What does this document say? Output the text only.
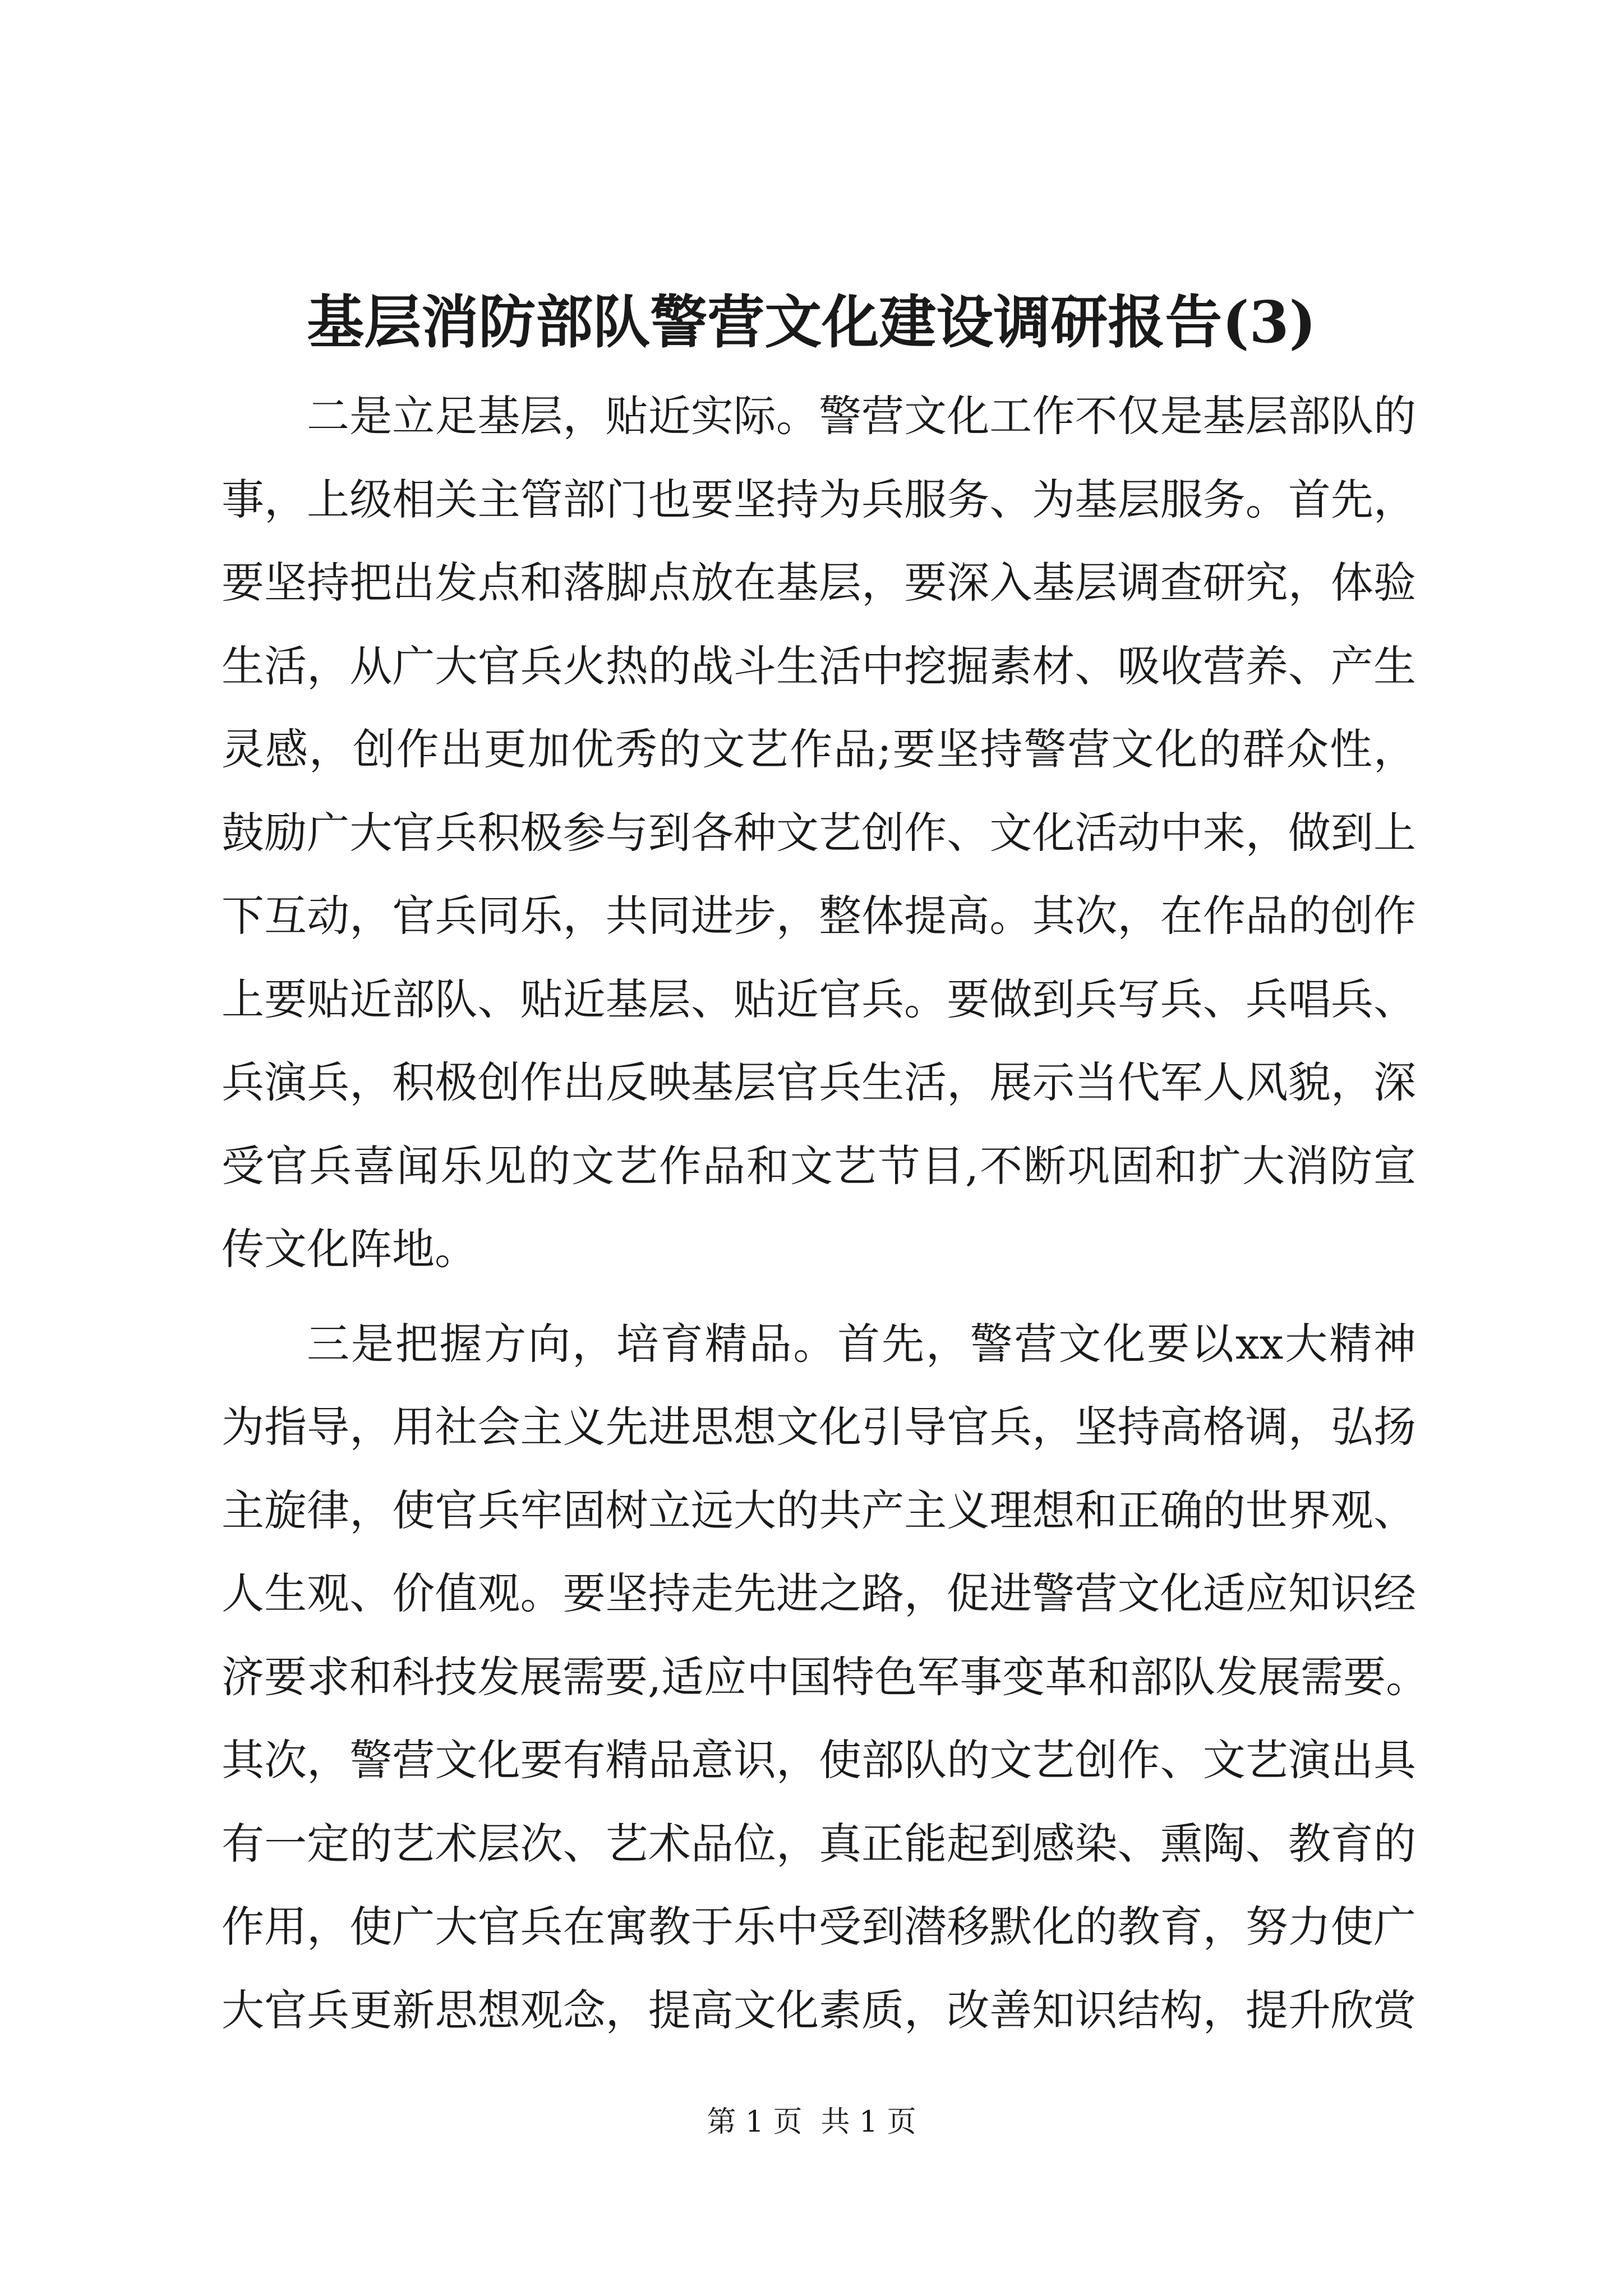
基层消防部队警营文化建设调研报告(3)
二是立足基层，贴近实际。警营文化工作不仅是基层部队的
事，上级相关主管部门也要坚持为兵服务、为基层服务。首先，
要坚持把出发点和落脚点放在基层，要深入基层调查研究，体验
生活，从广大官兵火热的战斗生活中挖掘素材、吸收营养、产生
灵感，创作出更加优秀的文艺作品;要坚持警营文化的群众性，
鼓励广大官兵积极参与到各种文艺创作、文化活动中来，做到上
下互动，官兵同乐，共同进步，整体提高。其次，在作品的创作
上要贴近部队、贴近基层、贴近官兵。要做到兵写兵、兵唱兵、
兵演兵，积极创作出反映基层官兵生活，展示当代军人风貌，深
受官兵喜闻乐见的文艺作品和文艺节目,不断巩固和扩大消防宣
传文化阵地。
三是把握方向，培育精品。首先，警营文化要以xx大精神
为指导，用社会主义先进思想文化引导官兵，坚持高格调，弘扬
主旋律，使官兵牢固树立远大的共产主义理想和正确的世界观、
人生观、价值观。要坚持走先进之路，促进警营文化适应知识经
济要求和科技发展需要,适应中国特色军事变革和部队发展需要。
其次，警营文化要有精品意识，使部队的文艺创作、文艺演出具
有一定的艺术层次、艺术品位，真正能起到感染、熏陶、教育的
作用，使广大官兵在寓教于乐中受到潜移默化的教育，努力使广
大官兵更新思想观念，提高文化素质，改善知识结构，提升欣赏
第 1 页  共 1 页
